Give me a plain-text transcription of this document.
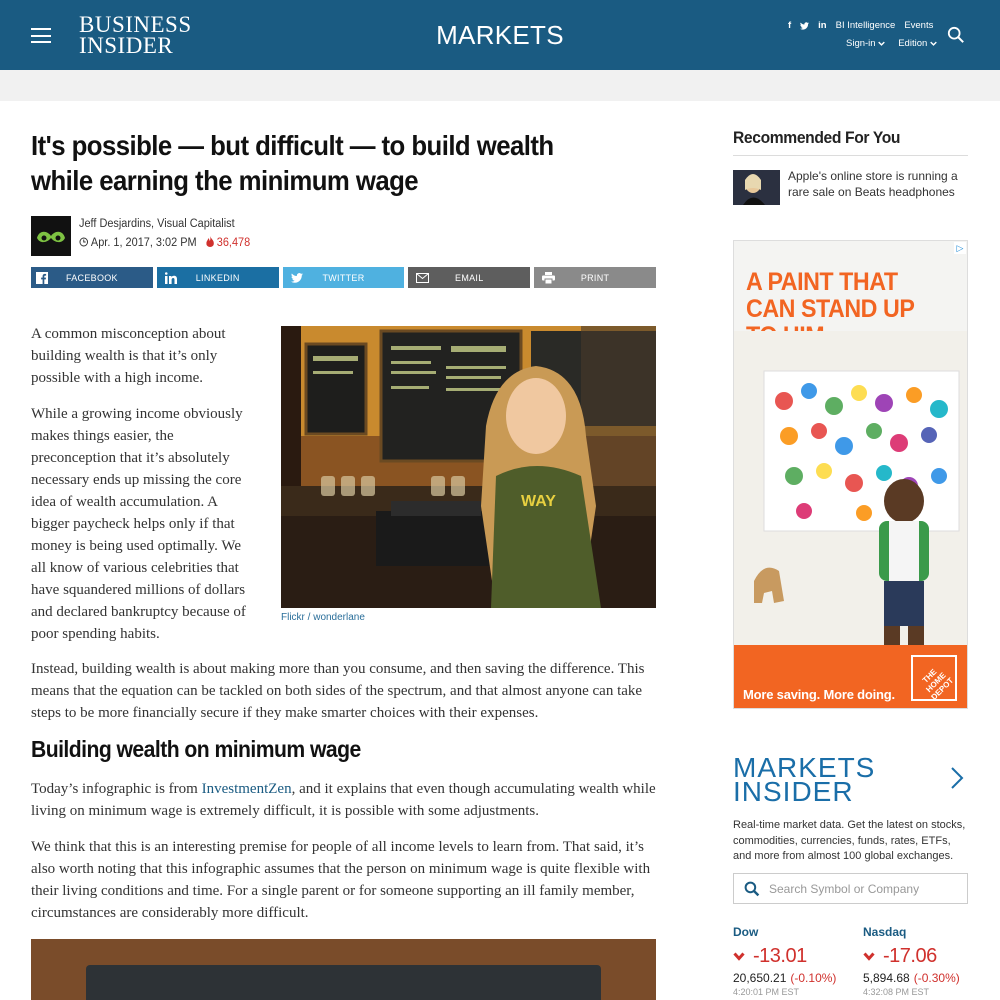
BUSINESS
INSIDER	MARKETS	f	in BI Intelligence Events
Sign-in	Edition
It's possible — but difficult — to build wealth while earning the minimum wage
Jeff Desjardins, Visual Capitalist
Apr. 1, 2017, 3:02 PM	36,478
FACEBOOK	LINKEDIN	TWITTER	EMAIL	PRINT

A common misconception about building wealth is that it’s only possible with a high income.

While a growing income obviously makes things easier, the preconception that it’s absolutely necessary ends up missing the core idea of wealth accumulation. A bigger paycheck helps only if that money is being used optimally. We all know of various celebrities that have squandered millions of dollars and declared bankruptcy because of poor spending habits.

WAY
Flickr / wonderlane

Instead, building wealth is about making more than you consume, and then saving the difference. This means that the equation can be tackled on both sides of the spectrum, and that almost anyone can take steps to be more financially secure if they make smarter choices with their expenses.

Building wealth on minimum wage

Today’s infographic is from InvestmentZen, and it explains that even though accumulating wealth while living on minimum wage is extremely difficult, it is possible with some adjustments.

We think that this is an interesting premise for people of all income levels to learn from. That said, it’s also worth noting that this infographic assumes that the person on minimum wage is quite flexible with their living conditions and time. For a single parent or for someone supporting an ill family member, circumstances are considerably more difficult.

Recommended For You
Apple's online store is running a rare sale on Beats headphones
▷
A PAINT THAT CAN STAND UP
More saving. More doing.
THE HOME DEPOT
MARKETS
INSIDER
Real-time market data. Get the latest on stocks, commodities, currencies, funds, rates, ETFs, and more from almost 100 global exchanges.
Search Symbol or Company
Dow
-13.01
20,650.21 (-0.10%)
4:20:01 PM EST
Nasdaq
-17.06
5,894.68 (-0.30%)
4:32:08 PM EST
